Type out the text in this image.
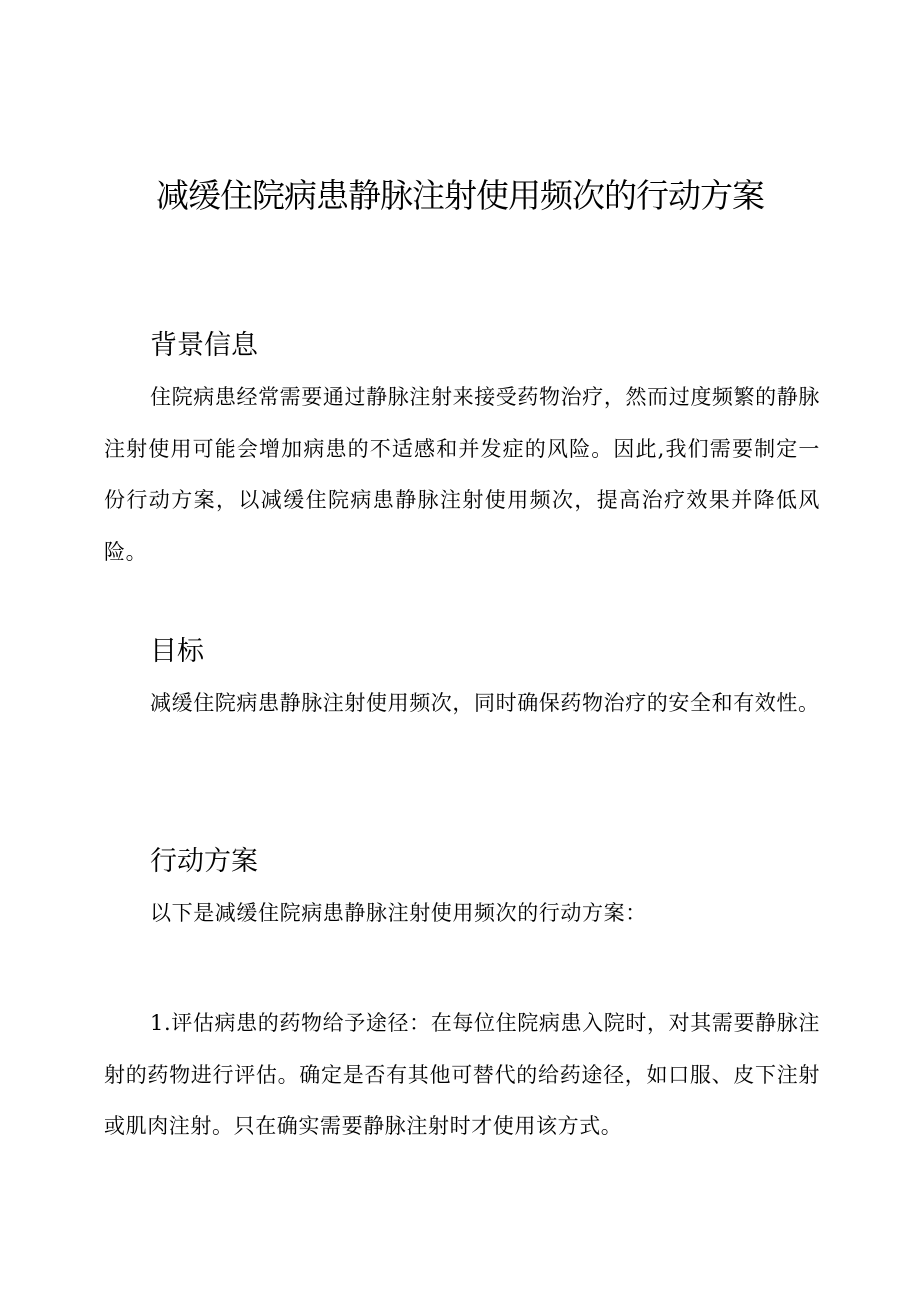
减缓住院病患静脉注射使用频次的行动方案
背景信息

住院病患经常需要通过静脉注射来接受药物治疗，然而过度频繁的静脉注射使用可能会增加病患的不适感和并发症的风险。因此,我们需要制定一份行动方案，以减缓住院病患静脉注射使用频次，提高治疗效果并降低风险。

目标

减缓住院病患静脉注射使用频次，同时确保药物治疗的安全和有效性。

行动方案

以下是减缓住院病患静脉注射使用频次的行动方案：

1.评估病患的药物给予途径：在每位住院病患入院时，对其需要静脉注射的药物进行评估。确定是否有其他可替代的给药途径，如口服、皮下注射或肌肉注射。只在确实需要静脉注射时才使用该方式。
